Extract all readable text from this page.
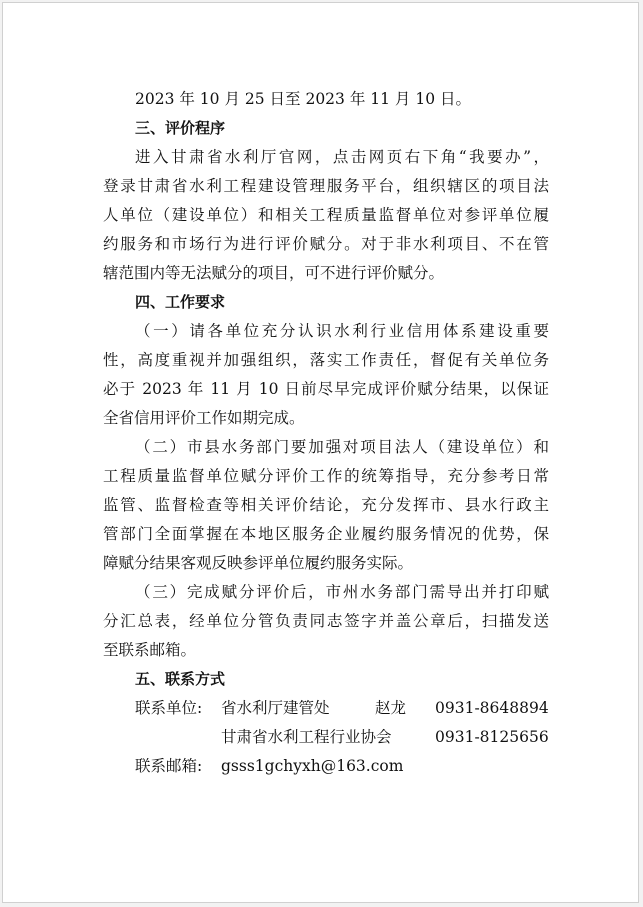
2023 年 10 月 25 日至 2023 年 11 月 10 日。
三、评价程序
进入甘肃省水利厅官网，点击网页右下角“我要办”，
登录甘肃省水利工程建设管理服务平台，组织辖区的项目法
人单位（建设单位）和相关工程质量监督单位对参评单位履
约服务和市场行为进行评价赋分。对于非水利项目、不在管
辖范围内等无法赋分的项目，可不进行评价赋分。
四、工作要求
（一）请各单位充分认识水利行业信用体系建设重要
性，高度重视并加强组织，落实工作责任，督促有关单位务
必于 2023 年 11 月 10 日前尽早完成评价赋分结果，以保证
全省信用评价工作如期完成。
（二）市县水务部门要加强对项目法人（建设单位）和
工程质量监督单位赋分评价工作的统筹指导，充分参考日常
监管、监督检查等相关评价结论，充分发挥市、县水行政主
管部门全面掌握在本地区服务企业履约服务情况的优势，保
障赋分结果客观反映参评单位履约服务实际。
（三）完成赋分评价后，市州水务部门需导出并打印赋
分汇总表，经单位分管负责同志签字并盖公章后，扫描发送
至联系邮箱。
五、联系方式
联系单位: 省水利厅建管处	赵龙 0931-8648894
甘肃省水利工程行业协会	0931-8125656
联系邮箱: gsss1gchyxh@163.com
